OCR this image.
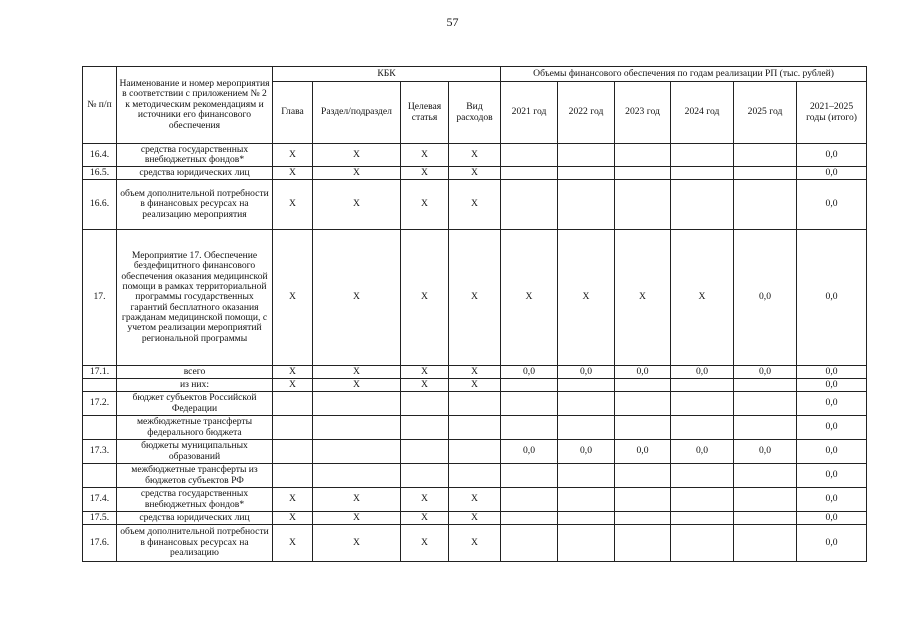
57
№ п/п	Наименование и номер мероприятия в соответствии с приложением № 2 к методическим рекомендациям и источники его финансового обеспечения	КБК				Объемы финансового обеспечения по годам реализации РП (тыс. рублей)					
		Глава	Раздел/подраздел	Целевая статья	Вид расходов	2021 год	2022 год	2023 год	2024 год	2025 год	2021–2025 годы (итого)
16.4.	средства государственных внебюджетных фондов*	X	X	X	X						0,0
16.5.	средства юридических лиц	X	X	X	X						0,0
16.6.	объем дополнительной потребности в финансовых ресурсах на реализацию мероприятия	X	X	X	X						0,0
17.	Мероприятие 17. Обеспечение бездефицитного финансового обеспечения оказания медицинской помощи в рамках территориальной программы государственных гарантий бесплатного оказания гражданам медицинской помощи, с учетом реализации мероприятий региональной программы	X	X	X	X	X	X	X	X	0,0	0,0
17.1.	всего	X	X	X	X	0,0	0,0	0,0	0,0	0,0	0,0
	из них:	X	X	X	X						0,0
17.2.	бюджет субъектов Российской Федерации										0,0
	межбюджетные трансферты федерального бюджета										0,0
17.3.	бюджеты муниципальных образований					0,0	0,0	0,0	0,0	0,0	0,0
	межбюджетные трансферты из бюджетов субъектов РФ										0,0
17.4.	средства государственных внебюджетных фондов*	X	X	X	X						0,0
17.5.	средства юридических лиц	X	X	X	X						0,0
17.6.	объем дополнительной потребности в финансовых ресурсах на реализацию	X	X	X	X						0,0
